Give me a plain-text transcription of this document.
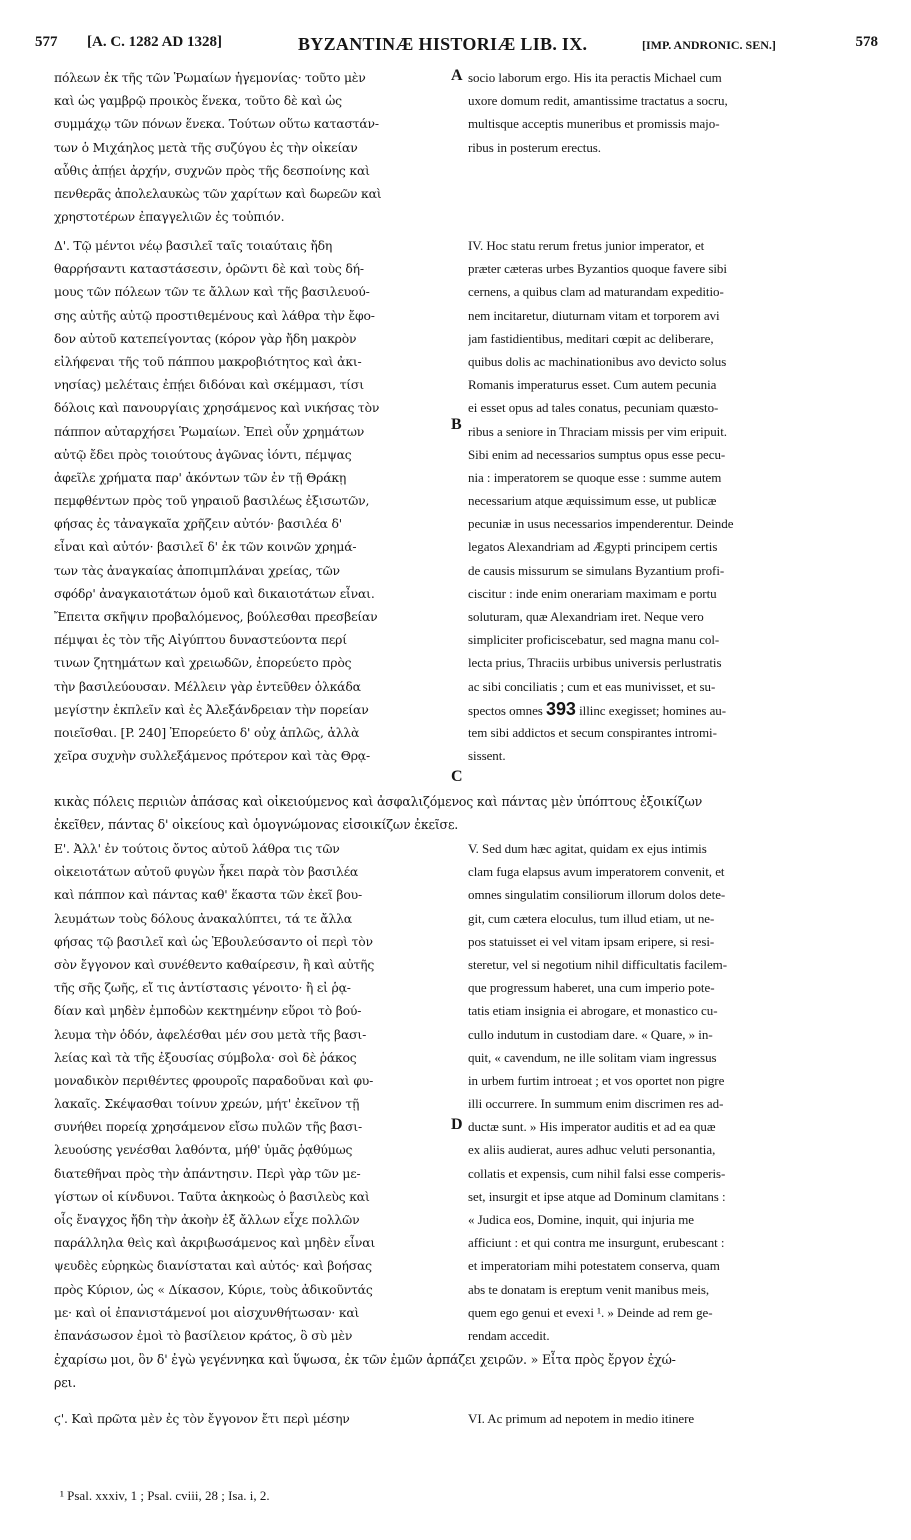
577 [A. C. 1282 AD 1328]	BYZANTINÆ HISTORIÆ LIB. IX.	[IMP. ANDRONIC. SEN.]	578
A
B
C
D
πόλεων ἐκ τῆς τῶν Ῥωμαίων ἡγεμονίας· τοῦτο μὲν
καὶ ὡς γαμβρῷ προικὸς ἕνεκα, τοῦτο δὲ καὶ ὡς
συμμάχῳ τῶν πόνων ἕνεκα. Τούτων οὕτω καταστάν-
των ὁ Μιχάηλος μετὰ τῆς συζύγου ἐς τὴν οἰκείαν
αὖθις ἀπῄει ἀρχήν, συχνῶν πρὸς τῆς δεσποίνης καὶ
πενθερᾶς ἀπολελαυκὼς τῶν χαρίτων καὶ δωρεῶν καὶ
χρηστοτέρων ἐπαγγελιῶν ἐς τοὐπιόν.
socio laborum ergo. His ita peractis Michael cum
uxore domum redit, amantissime tractatus a socru,
multisque acceptis muneribus et promissis majo-
ribus in posterum erectus.
Δ'. Τῷ μέντοι νέῳ βασιλεῖ ταῖς τοιαύταις ἤδη
θαρρήσαντι καταστάσεσιν, ὁρῶντι δὲ καὶ τοὺς δή-
μους τῶν πόλεων τῶν τε ἄλλων καὶ τῆς βασιλευού-
σης αὐτῆς αὐτῷ προστιθεμένους καὶ λάθρα τὴν ἔφο-
δον αὐτοῦ κατεπείγοντας (κόρον γὰρ ἤδη μακρὸν
εἰλήφεναι τῆς τοῦ πάππου μακροβιότητος καὶ ἀκι-
νησίας) μελέταις ἐπῄει διδόναι καὶ σκέμμασι, τίσι
δόλοις καὶ πανουργίαις χρησάμενος καὶ νικήσας τὸν
πάππον αὐταρχήσει Ῥωμαίων. Ἐπεὶ οὖν χρημάτων
αὐτῷ ἔδει πρὸς τοιούτους ἀγῶνας ἰόντι, πέμψας
ἀφεῖλε χρήματα παρ' ἀκόντων τῶν ἐν τῇ Θράκῃ
πεμφθέντων πρὸς τοῦ γηραιοῦ βασιλέως ἐξισωτῶν,
φήσας ἐς τἀναγκαῖα χρῆζειν αὐτόν· βασιλέα δ'
εἶναι καὶ αὐτόν· βασιλεῖ δ' ἐκ τῶν κοινῶν χρημά-
των τὰς ἀναγκαίας ἀποπιμπλάναι χρείας, τῶν
σφόδρ' ἀναγκαιοτάτων ὁμοῦ καὶ δικαιοτάτων εἶναι.
Ἔπειτα σκῆψιν προβαλόμενος, βούλεσθαι πρεσβείαν
πέμψαι ἐς τὸν τῆς Αἰγύπτου δυναστεύοντα περί
τινων ζητημάτων καὶ χρειωδῶν, ἐπορεύετο πρὸς
τὴν βασιλεύουσαν. Μέλλειν γὰρ ἐντεῦθεν ὁλκάδα
μεγίστην ἐκπλεῖν καὶ ἐς Ἀλεξάνδρειαν τὴν πορείαν
ποιεῖσθαι. [P. 240] Ἐπορεύετο δ' οὐχ ἁπλῶς, ἀλλὰ
χεῖρα συχνὴν συλλεξάμενος πρότερον καὶ τὰς Θρᾳ-
IV. Hoc statu rerum fretus junior imperator, et
præter cæteras urbes Byzantios quoque favere sibi
cernens, a quibus clam ad maturandam expeditio-
nem incitaretur, diuturnam vitam et torporem avi
jam fastidientibus, meditari cœpit ac deliberare,
quibus dolis ac machinationibus avo devicto solus
Romanis imperaturus esset. Cum autem pecunia
ei esset opus ad tales conatus, pecuniam quæsto-
ribus a seniore in Thraciam missis per vim eripuit.
Sibi enim ad necessarios sumptus opus esse pecu-
nia : imperatorem se quoque esse : summe autem
necessarium atque æquissimum esse, ut publicæ
pecuniæ in usus necessarios impenderentur. Deinde
legatos Alexandriam ad Ægypti principem certis
de causis missurum se simulans Byzantium profi-
ciscitur : inde enim onerariam maximam e portu
soluturam, quæ Alexandriam iret. Neque vero
simpliciter proficiscebatur, sed magna manu col-
lecta prius, Thraciis urbibus universis perlustratis
ac sibi conciliatis ; cum et eas munivisset, et su-
spectos omnes 393 illinc exegisset; homines au-
tem sibi addictos et secum conspirantes intromi-
sissent.
κικὰς πόλεις περιιὼν ἁπάσας καὶ οἰκειούμενος καὶ ἀσφαλιζόμενος καὶ πάντας μὲν ὑπόπτους ἐξοικίζων
ἐκεῖθεν, πάντας δ' οἰκείους καὶ ὁμογνώμονας εἰσοικίζων ἐκεῖσε.
Ε'. Ἀλλ' ἐν τούτοις ὄντος αὐτοῦ λάθρα τις τῶν
οἰκειοτάτων αὐτοῦ φυγὼν ἧκει παρὰ τὸν βασιλέα
καὶ πάππον καὶ πάντας καθ' ἕκαστα τῶν ἐκεῖ βου-
λευμάτων τοὺς δόλους ἀνακαλύπτει, τά τε ἄλλα
φήσας τῷ βασιλεῖ καὶ ὡς Ἐβουλεύσαντο οἱ περὶ τὸν
σὸν ἔγγονον καὶ συνέθεντο καθαίρεσιν, ἢ καὶ αὐτῆς
τῆς σῆς ζωῆς, εἴ τις ἀντίστασις γένοιτο· ἢ εἰ ῥᾳ-
δίαν καὶ μηδὲν ἐμποδὼν κεκτημένην εὕροι τὸ βού-
λευμα τὴν ὁδόν, ἀφελέσθαι μέν σου μετὰ τῆς βασι-
λείας καὶ τὰ τῆς ἐξουσίας σύμβολα· σοὶ δὲ ῥάκος
μοναδικὸν περιθέντες φρουροῖς παραδοῦναι καὶ φυ-
λακαῖς. Σκέψασθαι τοίνυν χρεών, μήτ' ἐκεῖνον τῇ
συνήθει πορείᾳ χρησάμενον εἴσω πυλῶν τῆς βασι-
λευούσης γενέσθαι λαθόντα, μήθ' ὑμᾶς ῥᾳθύμως
διατεθῆναι πρὸς τὴν ἀπάντησιν. Περὶ γὰρ τῶν με-
γίστων οἱ κίνδυνοι. Ταῦτα ἀκηκοὼς ὁ βασιλεὺς καὶ
οἷς ἔναγχος ἤδη τὴν ἀκοὴν ἐξ ἄλλων εἶχε πολλῶν
παράλληλα θεὶς καὶ ἀκριβωσάμενος καὶ μηδὲν εἶναι
ψευδὲς εὑρηκὼς διανίσταται καὶ αὐτός· καὶ βοήσας
πρὸς Κύριον, ὡς « Δίκασον, Κύριε, τοὺς ἀδικοῦντάς
με· καὶ οἱ ἐπανιστάμενοί μοι αἰσχυνθήτωσαν· καὶ
ἐπανάσωσον ἐμοὶ τὸ βασίλειον κράτος, ὃ σὺ μὲν
V. Sed dum hæc agitat, quidam ex ejus intimis
clam fuga elapsus avum imperatorem convenit, et
omnes singulatim consiliorum illorum dolos dete-
git, cum cætera eloculus, tum illud etiam, ut ne-
pos statuisset ei vel vitam ipsam eripere, si resi-
steretur, vel si negotium nihil difficultatis facilem-
que progressum haberet, una cum imperio pote-
tatis etiam insignia ei abrogare, et monastico cu-
cullo indutum in custodiam dare. « Quare, » in-
quit, « cavendum, ne ille solitam viam ingressus
in urbem furtim introeat ; et vos oportet non pigre
illi occurrere. In summum enim discrimen res ad-
ductæ sunt. » His imperator auditis et ad ea quæ
ex aliis audierat, aures adhuc veluti personantia,
collatis et expensis, cum nihil falsi esse comperis-
set, insurgit et ipse atque ad Dominum clamitans :
« Judica eos, Domine, inquit, qui injuria me
afficiunt : et qui contra me insurgunt, erubescant :
et imperatoriam mihi potestatem conserva, quam
abs te donatam is ereptum venit manibus meis,
quem ego genui et evexi ¹. » Deinde ad rem ge-
rendam accedit.
ἐχαρίσω μοι, ὃν δ' ἐγὼ γεγέννηκα καὶ ὕψωσα, ἐκ τῶν ἐμῶν ἁρπάζει χειρῶν. » Εἶτα πρὸς ἔργον ἐχώ-
ρει.
ϛ'. Καὶ πρῶτα μὲν ἐς τὸν ἔγγονον ἔτι περὶ μέσην	VI. Ac primum ad nepotem in medio itinere
¹ Psal. xxxiv, 1 ; Psal. cviii, 28 ; Isa. i, 2.
